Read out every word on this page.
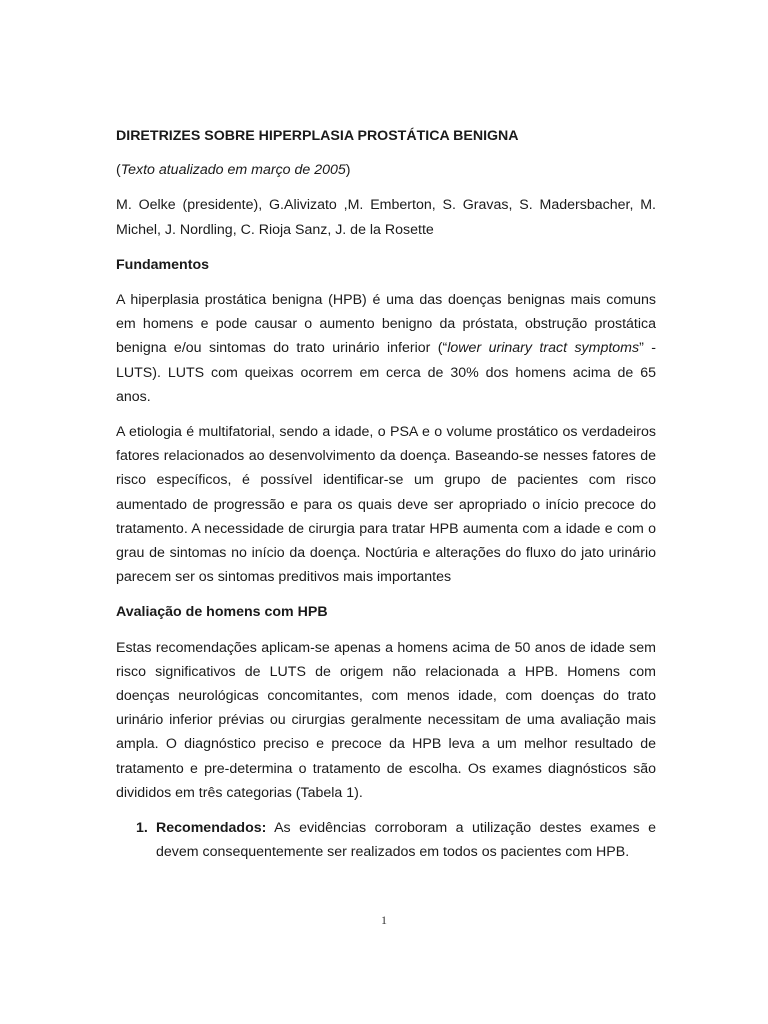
DIRETRIZES SOBRE HIPERPLASIA PROSTÁTICA BENIGNA
(Texto atualizado em março de 2005)
M. Oelke (presidente), G.Alivizato ,M. Emberton, S. Gravas, S. Madersbacher, M. Michel, J. Nordling, C. Rioja Sanz, J. de la Rosette
Fundamentos

A hiperplasia prostática benigna (HPB) é uma das doenças benignas mais comuns em homens e pode causar o aumento benigno da próstata, obstrução prostática benigna e/ou sintomas do trato urinário inferior (“lower urinary tract symptoms” - LUTS). LUTS com queixas ocorrem em cerca de 30% dos homens acima de 65 anos.

A etiologia é multifatorial, sendo a idade, o PSA e o volume prostático os verdadeiros fatores relacionados ao desenvolvimento da doença. Baseando-se nesses fatores de risco específicos, é possível identificar-se um grupo de pacientes com risco aumentado de progressão e para os quais deve ser apropriado o início precoce do tratamento. A necessidade de cirurgia para tratar HPB aumenta com a idade e com o grau de sintomas no início da doença. Noctúria e alterações do fluxo do jato urinário parecem ser os sintomas preditivos mais importantes

Avaliação de homens com HPB

Estas recomendações aplicam-se apenas a homens acima de 50 anos de idade sem risco significativos de LUTS de origem não relacionada a HPB. Homens com doenças neurológicas concomitantes, com menos idade, com doenças do trato urinário inferior prévias ou cirurgias geralmente necessitam de uma avaliação mais ampla. O diagnóstico preciso e precoce da HPB leva a um melhor resultado de tratamento e pre-determina o tratamento de escolha. Os exames diagnósticos são divididos em três categorias (Tabela 1).

1. Recomendados: As evidências corroboram a utilização destes exames e devem consequentemente ser realizados em todos os pacientes com HPB.
1
